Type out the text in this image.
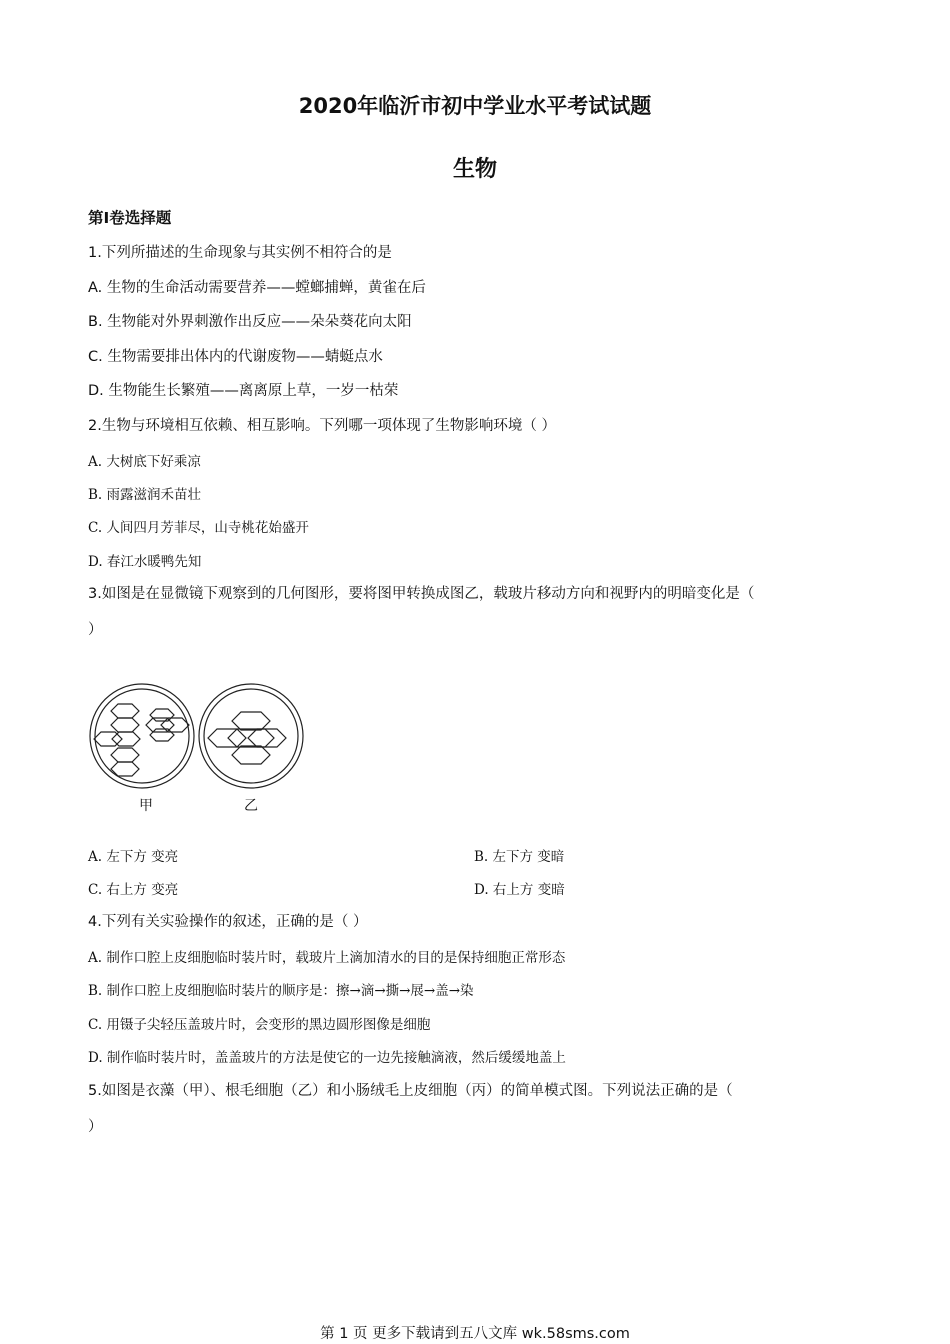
2020年临沂市初中学业水平考试试题
生物
第Ⅰ卷选择题
1.下列所描述的生命现象与其实例不相符合的是
A. 生物的生命活动需要营养——螳螂捕蝉，黄雀在后
B. 生物能对外界刺激作出反应——朵朵葵花向太阳
C. 生物需要排出体内的代谢废物——蜻蜓点水
D. 生物能生长繁殖——离离原上草，一岁一枯荣
2.生物与环境相互依赖、相互影响。下列哪一项体现了生物影响环境（ ）
A. 大树底下好乘凉
B. 雨露滋润禾苗壮
C. 人间四月芳菲尽，山寺桃花始盛开
D. 春江水暖鸭先知
3.如图是在显微镜下观察到的几何图形，要将图甲转换成图乙，载玻片移动方向和视野内的明暗变化是（
）
甲	乙
A. 左下方 变亮	B. 左下方 变暗
C. 右上方 变亮	D. 右上方 变暗
4.下列有关实验操作的叙述，正确的是（ ）
A. 制作口腔上皮细胞临时装片时，载玻片上滴加清水的目的是保持细胞正常形态
B. 制作口腔上皮细胞临时装片的顺序是：擦→滴→撕→展→盖→染
C. 用镊子尖轻压盖玻片时，会变形的黑边圆形图像是细胞
D. 制作临时装片时，盖盖玻片的方法是使它的一边先接触滴液，然后缓缓地盖上
5.如图是衣藻（甲）、根毛细胞（乙）和小肠绒毛上皮细胞（丙）的简单模式图。下列说法正确的是（
）
第 1 页 更多下载请到五八文库 wk.58sms.com
